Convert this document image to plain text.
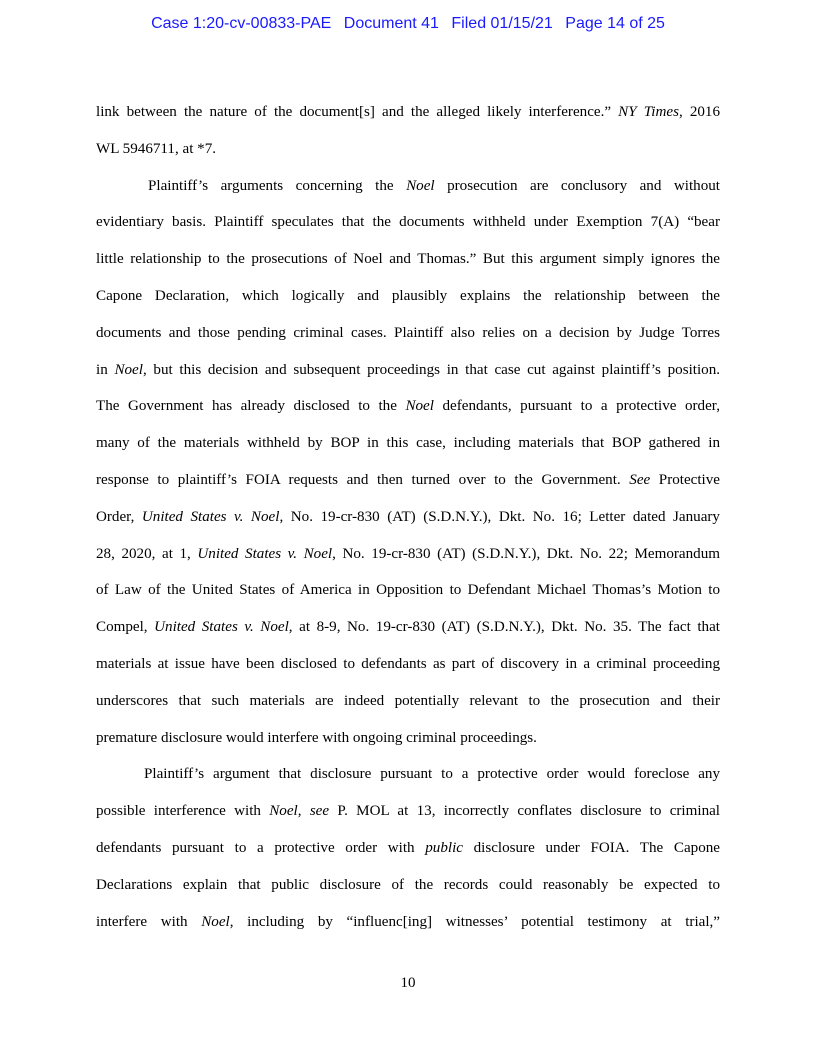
Case 1:20-cv-00833-PAE Document 41 Filed 01/15/21 Page 14 of 25
link between the nature of the document[s] and the alleged likely interference.” NY Times, 2016
WL 5946711, at *7.
Plaintiff’s arguments concerning the Noel prosecution are conclusory and without
evidentiary basis. Plaintiff speculates that the documents withheld under Exemption 7(A) “bear
little relationship to the prosecutions of Noel and Thomas.” But this argument simply ignores the
Capone Declaration, which logically and plausibly explains the relationship between the
documents and those pending criminal cases. Plaintiff also relies on a decision by Judge Torres
in Noel, but this decision and subsequent proceedings in that case cut against plaintiff’s position.
The Government has already disclosed to the Noel defendants, pursuant to a protective order,
many of the materials withheld by BOP in this case, including materials that BOP gathered in
response to plaintiff’s FOIA requests and then turned over to the Government. See Protective
Order, United States v. Noel, No. 19-cr-830 (AT) (S.D.N.Y.), Dkt. No. 16; Letter dated January
28, 2020, at 1, United States v. Noel, No. 19-cr-830 (AT) (S.D.N.Y.), Dkt. No. 22; Memorandum
of Law of the United States of America in Opposition to Defendant Michael Thomas’s Motion to
Compel, United States v. Noel, at 8-9, No. 19-cr-830 (AT) (S.D.N.Y.), Dkt. No. 35. The fact that
materials at issue have been disclosed to defendants as part of discovery in a criminal proceeding
underscores that such materials are indeed potentially relevant to the prosecution and their
premature disclosure would interfere with ongoing criminal proceedings.
Plaintiff’s argument that disclosure pursuant to a protective order would foreclose any
possible interference with Noel, see P. MOL at 13, incorrectly conflates disclosure to criminal
defendants pursuant to a protective order with public disclosure under FOIA. The Capone
Declarations explain that public disclosure of the records could reasonably be expected to
interfere with Noel, including by “influenc[ing] witnesses’ potential testimony at trial,”
10
